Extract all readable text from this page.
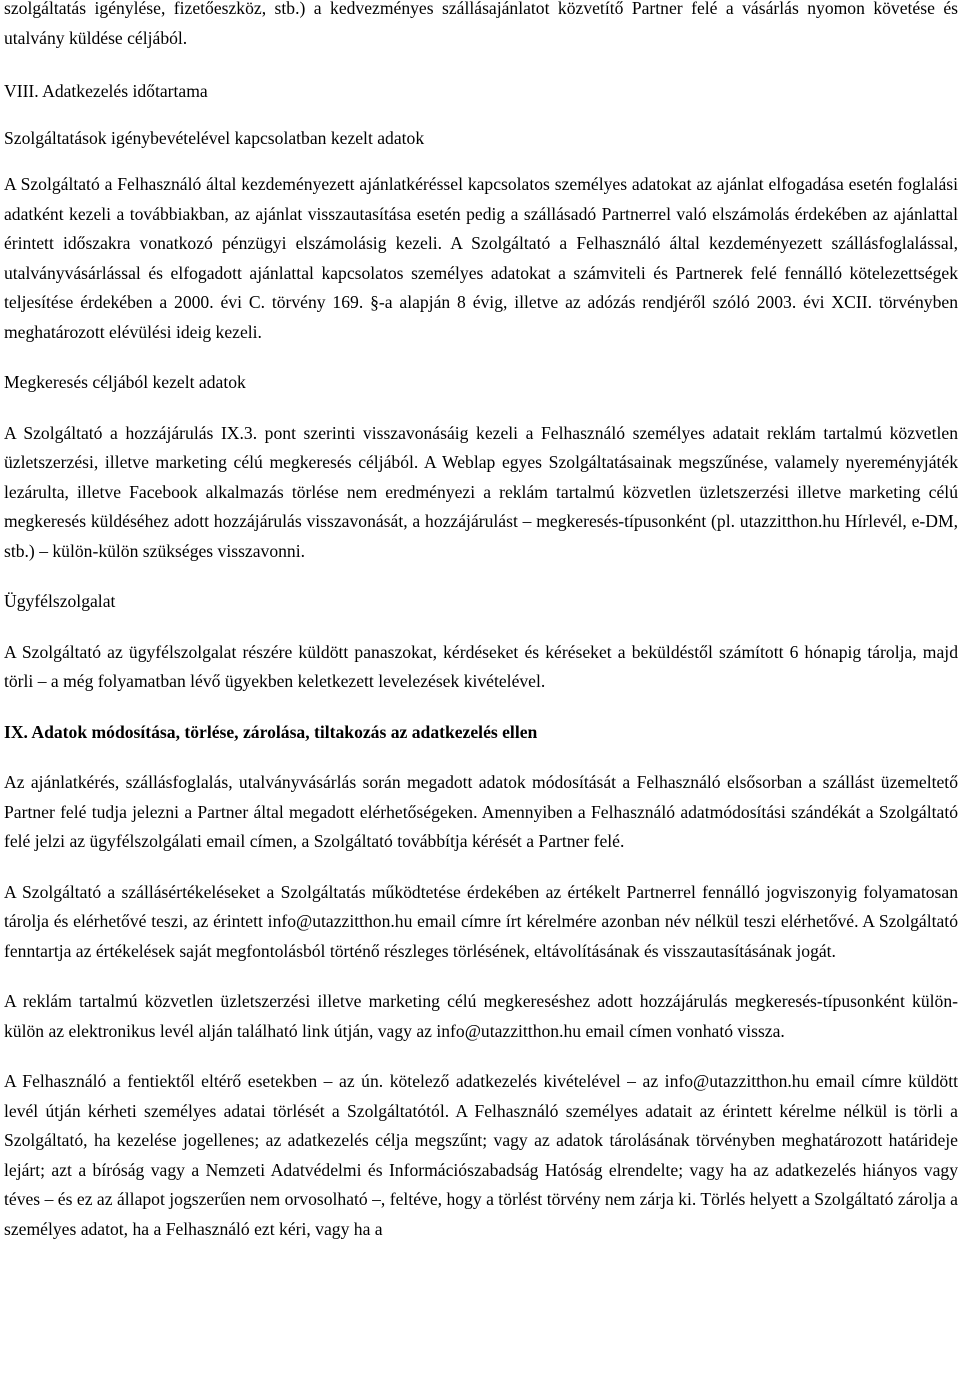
szolgáltatás igénylése, fizetőeszköz, stb.) a kedvezményes szállásajánlatot közvetítő Partner felé a vásárlás nyomon követése és utalvány küldése céljából.

VIII. Adatkezelés időtartama

Szolgáltatások igénybevételével kapcsolatban kezelt adatok

A Szolgáltató a Felhasználó által kezdeményezett ajánlatkéréssel kapcsolatos személyes adatokat az ajánlat elfogadása esetén foglalási adatként kezeli a továbbiakban, az ajánlat visszautasítása esetén pedig a szállásadó Partnerrel való elszámolás érdekében az ajánlattal érintett időszakra vonatkozó pénzügyi elszámolásig kezeli. A Szolgáltató a Felhasználó által kezdeményezett szállásfoglalással, utalványvásárlással és elfogadott ajánlattal kapcsolatos személyes adatokat a számviteli és Partnerek felé fennálló kötelezettségek teljesítése érdekében a 2000. évi C. törvény 169. §-a alapján 8 évig, illetve az adózás rendjéről szóló 2003. évi XCII. törvényben meghatározott elévülési ideig kezeli.

Megkeresés céljából kezelt adatok

A Szolgáltató a hozzájárulás IX.3. pont szerinti visszavonásáig kezeli a Felhasználó személyes adatait reklám tartalmú közvetlen üzletszerzési, illetve marketing célú megkeresés céljából. A Weblap egyes Szolgáltatásainak megszűnése, valamely nyereményjáték lezárulta, illetve Facebook alkalmazás törlése nem eredményezi a reklám tartalmú közvetlen üzletszerzési illetve marketing célú megkeresés küldéséhez adott hozzájárulás visszavonását, a hozzájárulást – megkeresés-típusonként (pl. utazzitthon.hu Hírlevél, e-DM, stb.) – külön-külön szükséges visszavonni.

Ügyfélszolgalat

A Szolgáltató az ügyfélszolgalat részére küldött panaszokat, kérdéseket és kéréseket a beküldéstől számított 6 hónapig tárolja, majd törli – a még folyamatban lévő ügyekben keletkezett levelezések kivételével.

IX. Adatok módosítása, törlése, zárolása, tiltakozás az adatkezelés ellen

Az ajánlatkérés, szállásfoglalás, utalványvásárlás során megadott adatok módosítását a Felhasználó elsősorban a szállást üzemeltető Partner felé tudja jelezni a Partner által megadott elérhetőségeken. Amennyiben a Felhasználó adatmódosítási szándékát a Szolgáltató felé jelzi az ügyfélszolgálati email címen, a Szolgáltató továbbítja kérését a Partner felé.

A Szolgáltató a szállásértékeléseket a Szolgáltatás működtetése érdekében az értékelt Partnerrel fennálló jogviszonyig folyamatosan tárolja és elérhetővé teszi, az érintett info@utazzitthon.hu email címre írt kérelmére azonban név nélkül teszi elérhetővé. A Szolgáltató fenntartja az értékelések saját megfontolásból történő részleges törlésének, eltávolításának és visszautasításának jogát.

A reklám tartalmú közvetlen üzletszerzési illetve marketing célú megkereséshez adott hozzájárulás megkeresés-típusonként külön-külön az elektronikus levél alján található link útján, vagy az info@utazzitthon.hu email címen vonható vissza.

A Felhasználó a fentiektől eltérő esetekben – az ún. kötelező adatkezelés kivételével – az info@utazzitthon.hu email címre küldött levél útján kérheti személyes adatai törlését a Szolgáltatótól. A Felhasználó személyes adatait az érintett kérelme nélkül is törli a Szolgáltató, ha kezelése jogellenes; az adatkezelés célja megszűnt; vagy az adatok tárolásának törvényben meghatározott határideje lejárt; azt a bíróság vagy a Nemzeti Adatvédelmi és Információszabadság Hatóság elrendelte; vagy ha az adatkezelés hiányos vagy téves – és ez az állapot jogszerűen nem orvosolható –, feltéve, hogy a törlést törvény nem zárja ki. Törlés helyett a Szolgáltató zárolja a személyes adatot, ha a Felhasználó ezt kéri, vagy ha a
